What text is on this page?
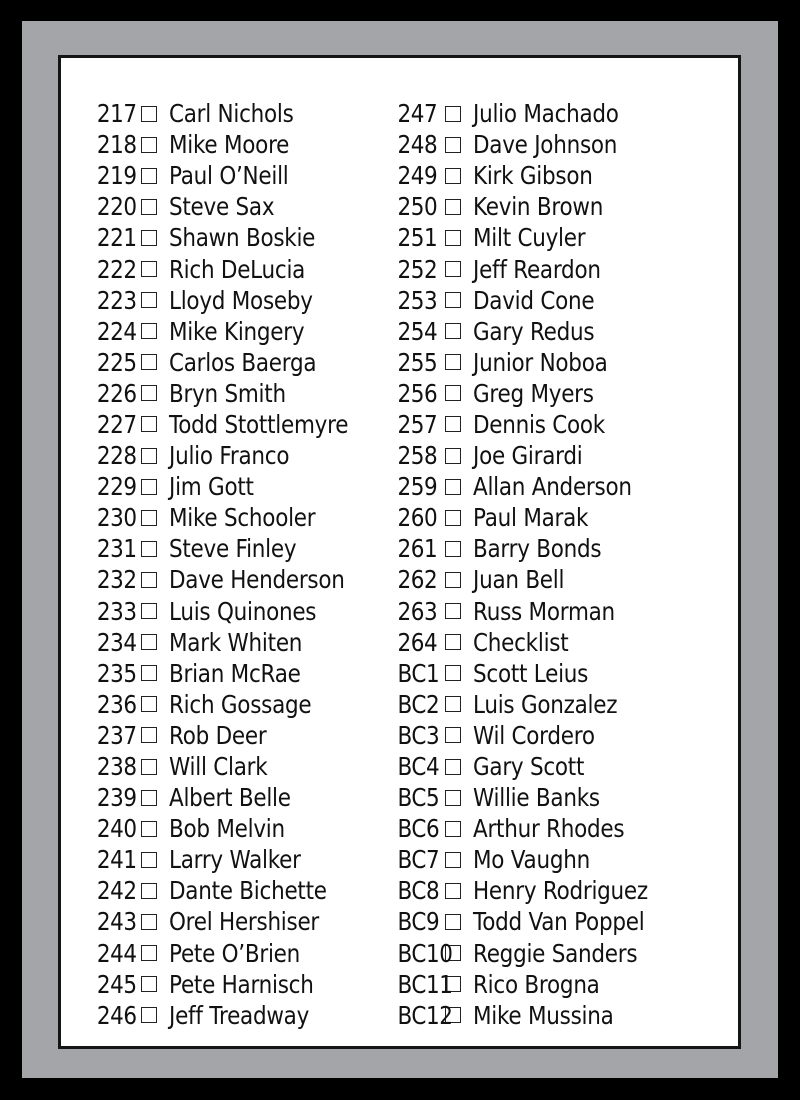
217 Carl Nichols
218 Mike Moore
219 Paul O’Neill
220 Steve Sax
221 Shawn Boskie
222 Rich DeLucia
223 Lloyd Moseby
224 Mike Kingery
225 Carlos Baerga
226 Bryn Smith
227 Todd Stottlemyre
228 Julio Franco
229 Jim Gott
230 Mike Schooler
231 Steve Finley
232 Dave Henderson
233 Luis Quinones
234 Mark Whiten
235 Brian McRae
236 Rich Gossage
237 Rob Deer
238 Will Clark
239 Albert Belle
240 Bob Melvin
241 Larry Walker
242 Dante Bichette
243 Orel Hershiser
244 Pete O’Brien
245 Pete Harnisch
246 Jeff Treadway
247 Julio Machado
248 Dave Johnson
249 Kirk Gibson
250 Kevin Brown
251 Milt Cuyler
252 Jeff Reardon
253 David Cone
254 Gary Redus
255 Junior Noboa
256 Greg Myers
257 Dennis Cook
258 Joe Girardi
259 Allan Anderson
260 Paul Marak
261 Barry Bonds
262 Juan Bell
263 Russ Morman
264 Checklist
BC1 Scott Leius
BC2 Luis Gonzalez
BC3 Wil Cordero
BC4 Gary Scott
BC5 Willie Banks
BC6 Arthur Rhodes
BC7 Mo Vaughn
BC8 Henry Rodriguez
BC9 Todd Van Poppel
BC10 Reggie Sanders
BC11 Rico Brogna
BC12 Mike Mussina
